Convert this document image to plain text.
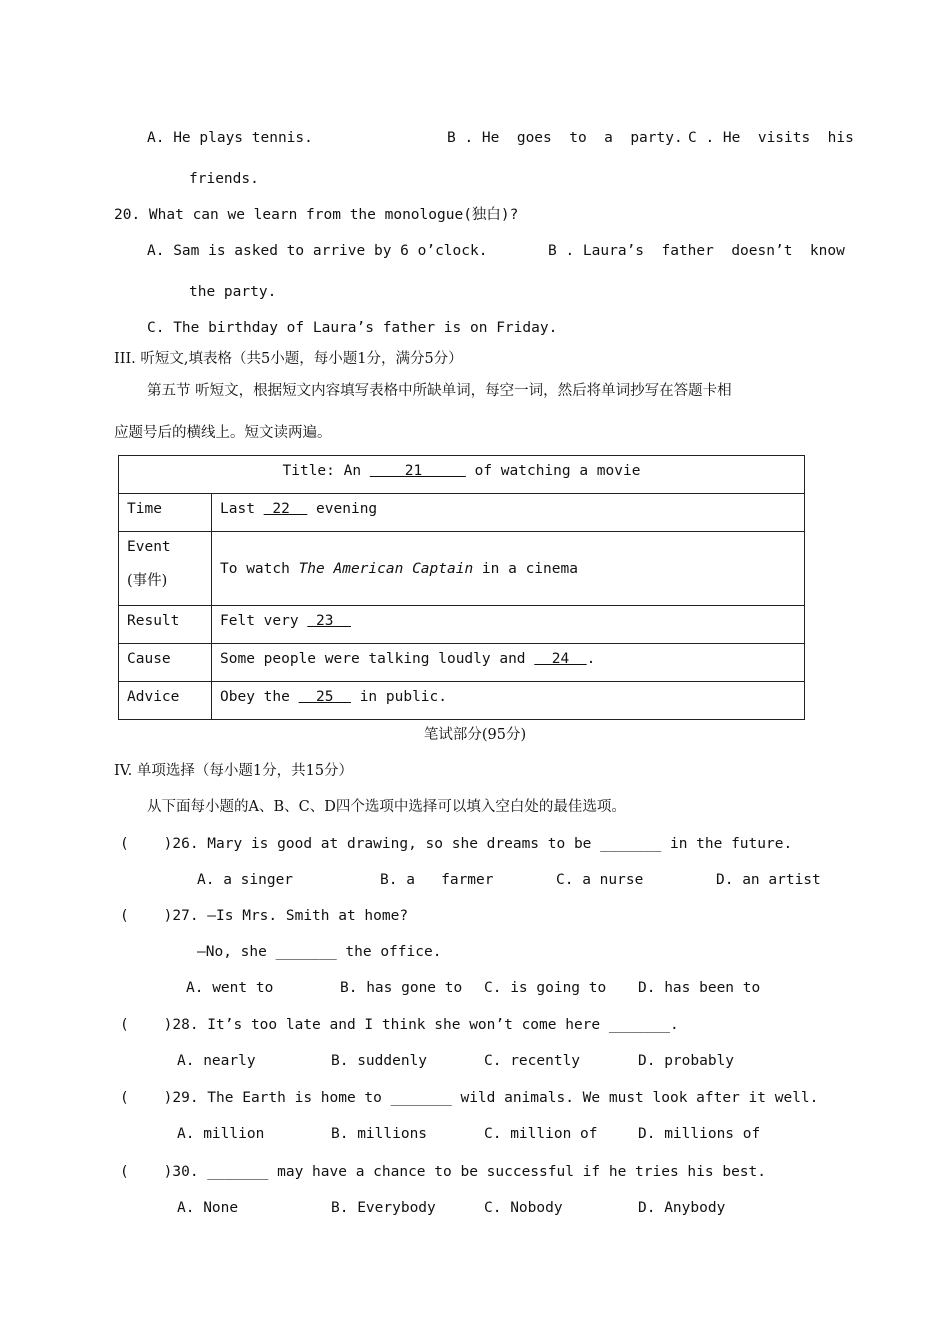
A. He plays tennis.	B . He  goes  to  a  party. C . He  visits  his
friends.
20. What can we learn from the monologue(独白)?
A. Sam is asked to arrive by 6 o’clock.	B . Laura’s  father  doesn’t  know
the party.
C. The birthday of Laura’s father is on Friday.
III. 听短文,填表格（共5小题，每小题1分，满分5分）
第五节 听短文，根据短文内容填写表格中所缺单词，每空一词，然后将单词抄写在答题卡相
应题号后的横线上。短文读两遍。
Title: An     21      of watching a movie	
Time	Last  22   evening

Event
(事件)	To watch The American Captain in a cinema
Result	Felt very  23
Cause	Some people were talking loudly and   24  .
Advice	Obey the   25   in public.
笔试部分(95分)
IV. 单项选择（每小题1分，共15分）
从下面每小题的A、B、C、D四个选项中选择可以填入空白处的最佳选项。
(    )26. Mary is good at drawing, so she dreams to be _______ in the future.
A. a singer	B. a   farmer	C. a nurse	D. an artist
(    )27. —Is Mrs. Smith at home?
—No, she _______ the office.
A. went to	B. has gone to C. is going to D. has been to
(    )28. It’s too late and I think she won’t come here _______.
A. nearly	B. suddenly	C. recently	D. probably
(    )29. The Earth is home to _______ wild animals. We must look after it well.
A. million	B. millions	C. million of	D. millions of
(    )30. _______ may have a chance to be successful if he tries his best.
A. None	B. Everybody	C. Nobody	D. Anybody
